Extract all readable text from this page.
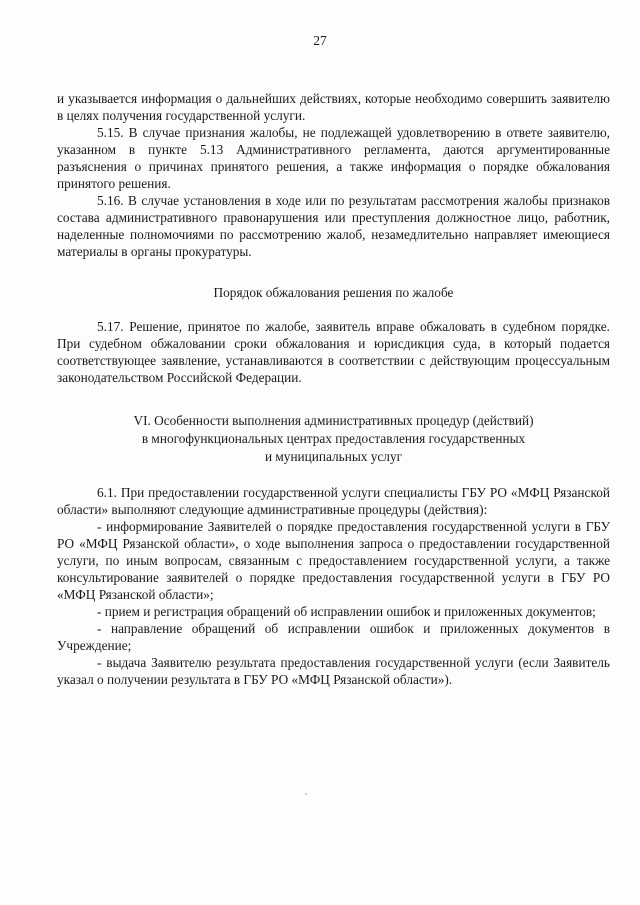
27

и указывается информация о дальнейших действиях, которые необходимо совершить заявителю в целях получения государственной услуги.

5.15. В случае признания жалобы, не подлежащей удовлетворению в ответе заявителю, указанном в пункте 5.13 Административного регламента, даются аргументированные разъяснения о причинах принятого решения, а также информация о порядке обжалования принятого решения.

5.16. В случае установления в ходе или по результатам рассмотрения жалобы признаков состава административного правонарушения или преступления должностное лицо, работник, наделенные полномочиями по рассмотрению жалоб, незамедлительно направляет имеющиеся материалы в органы прокуратуры.

Порядок обжалования решения по жалобе

5.17. Решение, принятое по жалобе, заявитель вправе обжаловать в судебном порядке. При судебном обжаловании сроки обжалования и юрисдикция суда, в который подается соответствующее заявление, устанавливаются в соответствии с действующим процессуальным законодательством Российской Федерации.

VI. Особенности выполнения административных процедур (действий)
в многофункциональных центрах предоставления государственных
и муниципальных услуг

6.1. При предоставлении государственной услуги специалисты ГБУ РО «МФЦ Рязанской области» выполняют следующие административные процедуры (действия):

- информирование Заявителей о порядке предоставления государственной услуги в ГБУ РО «МФЦ Рязанской области», о ходе выполнения запроса о предоставлении государственной услуги, по иным вопросам, связанным с предоставлением государственной услуги, а также консультирование заявителей о порядке предоставления государственной услуги в ГБУ РО «МФЦ Рязанской области»;

- прием и регистрация обращений об исправлении ошибок и приложенных документов;

- направление обращений об исправлении ошибок и приложенных документов в Учреждение;

- выдача Заявителю результата предоставления государственной услуги (если Заявитель указал о получении результата в ГБУ РО «МФЦ Рязанской области»).
